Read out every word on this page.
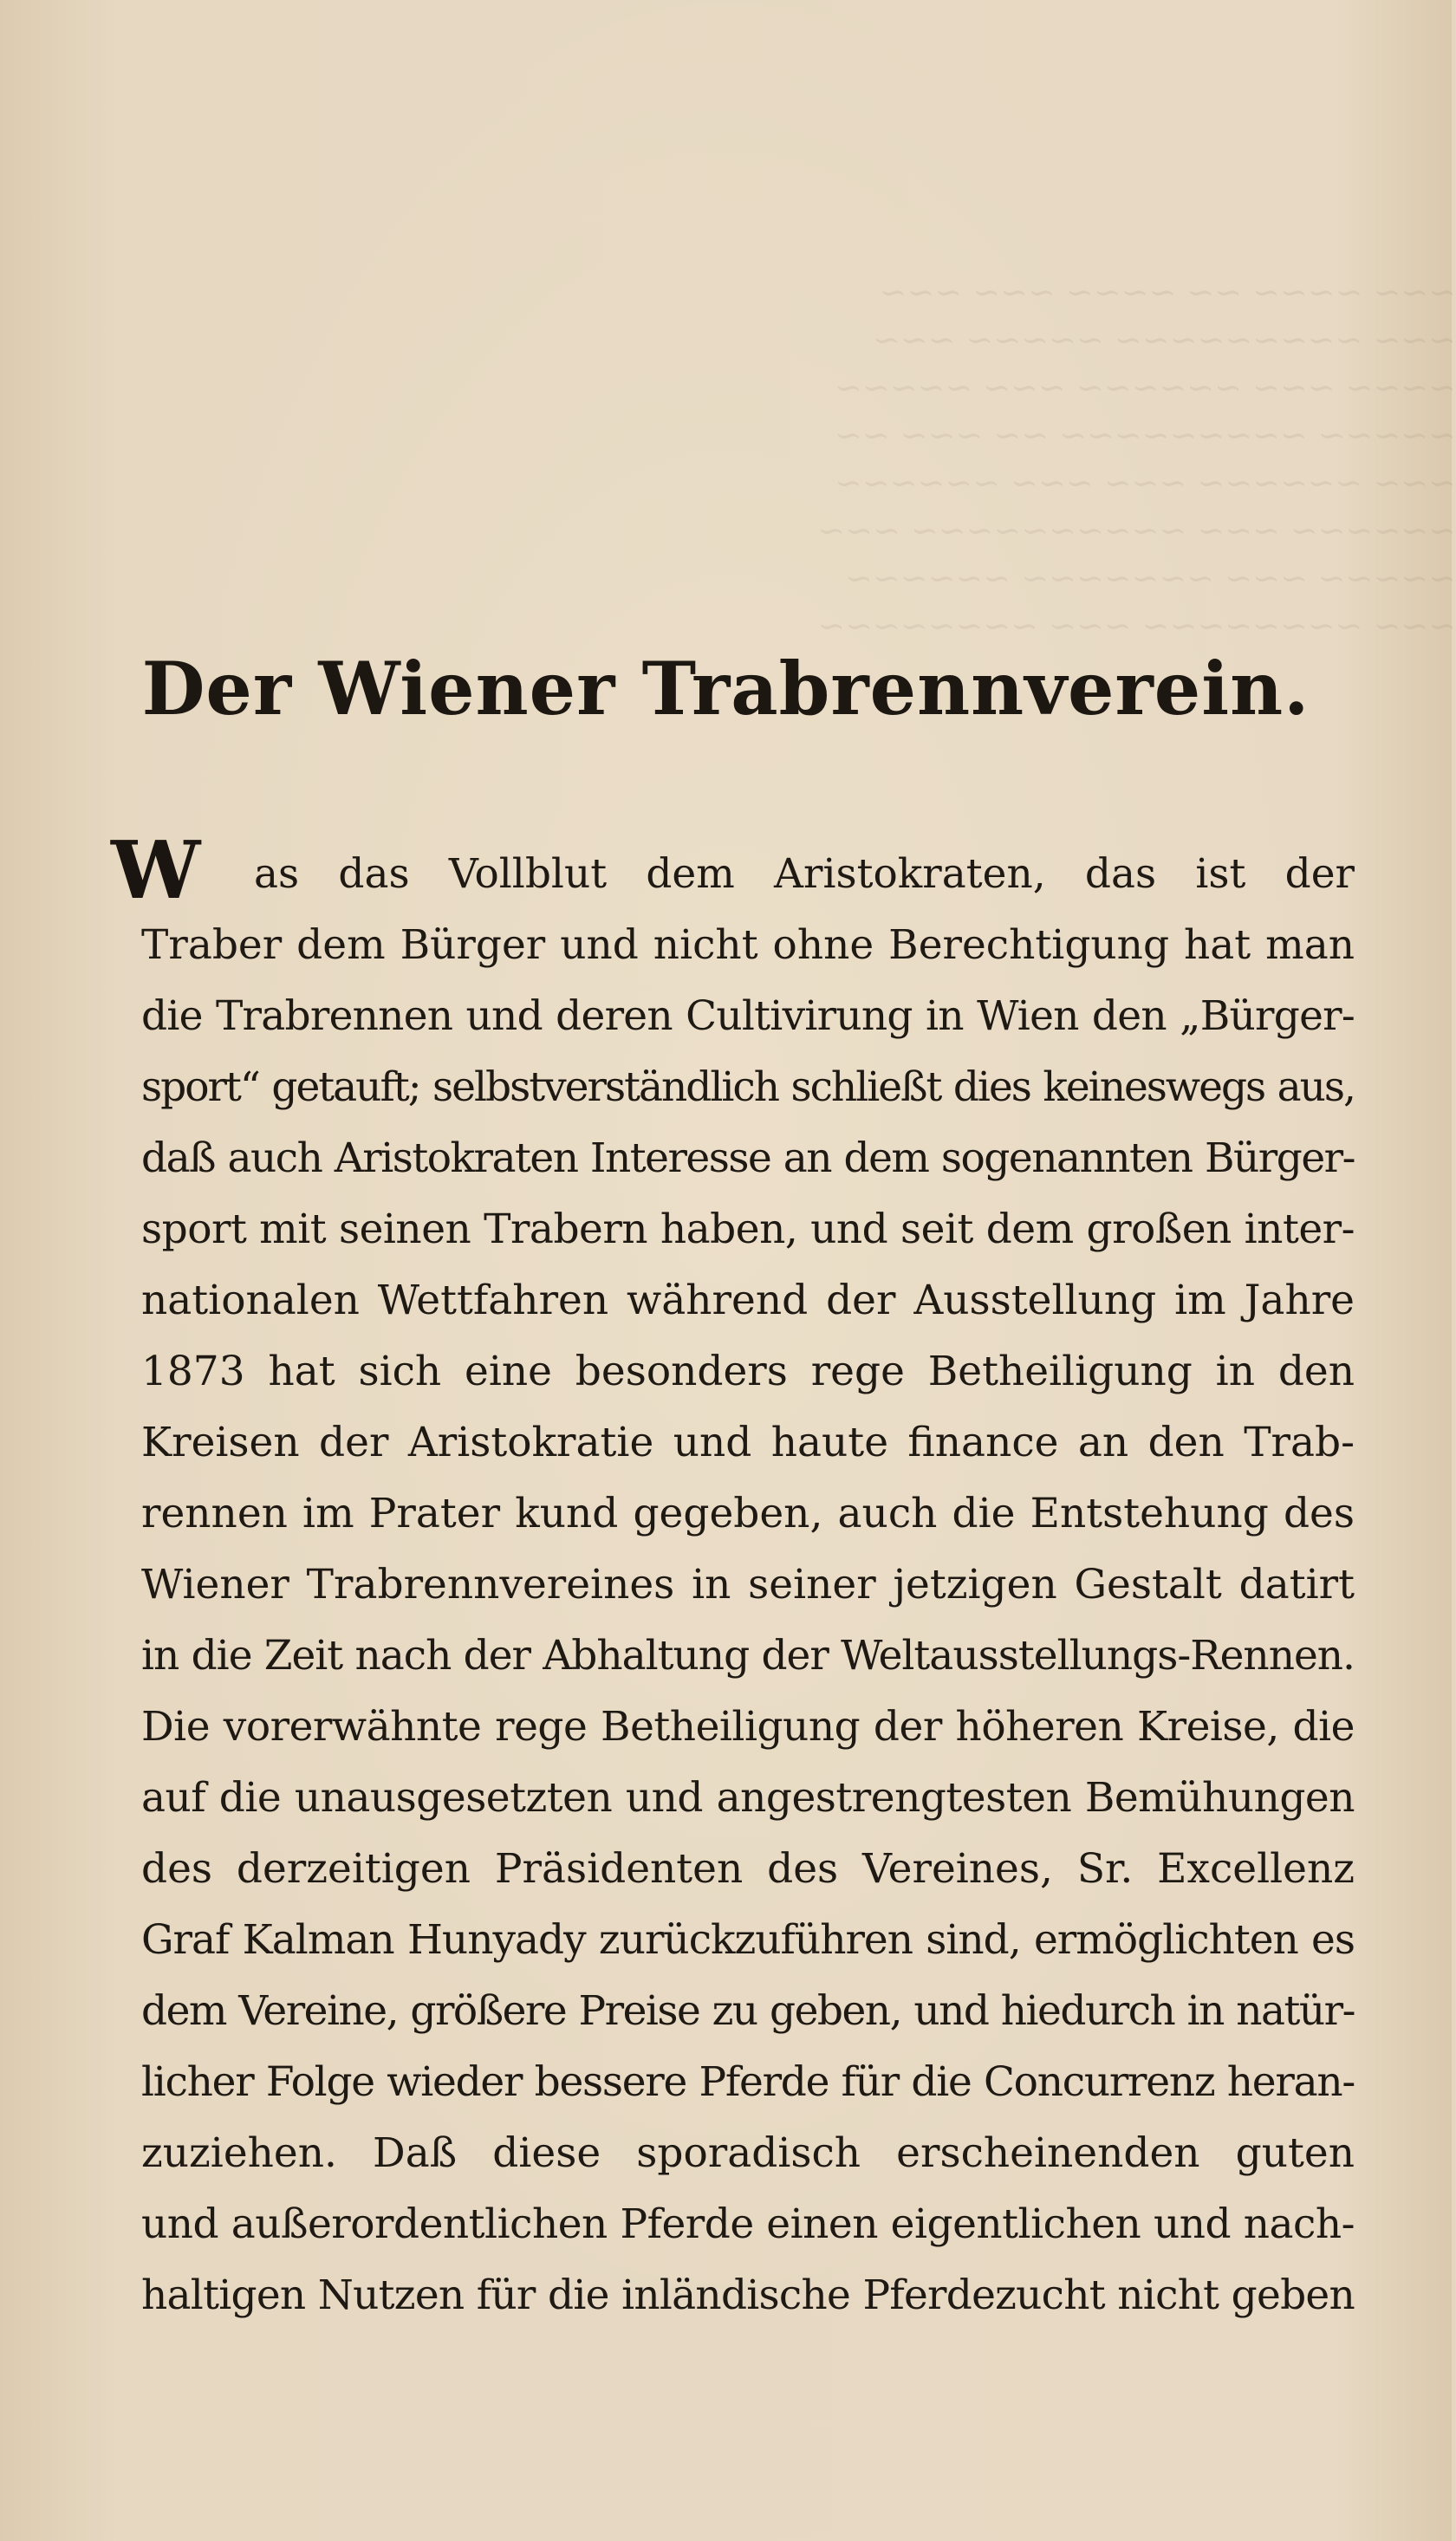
~~~ ~~~~ ~~ ~~~~ ~~~ ~~~
~~~ ~~~~~~~~~ ~~~~~ ~~~
~~~~ ~~~ ~~~~~~ ~~~ ~~~~~
~~~~~ ~~~~~~~~~ ~~ ~~~ ~~
~~~ ~~~~~~ ~~~ ~~~ ~~~~~~
~~~~~~ ~~~ ~~~~~~~~~~ ~~~
~~~~~ ~~~ ~~~~~~~ ~~~~~~
~~~ ~~~~~~~~ ~~~ ~~~~~~~~
Der Wiener Trabrennverein.
W	as das Vollblut dem Aristokraten, das ist der
Traber dem Bürger und nicht ohne Berechtigung hat man
die Trabrennen und deren Cultivirung in Wien den „Bürger-
sport“ getauft; selbstverständlich schließt dies keineswegs aus,
daß auch Aristokraten Interesse an dem sogenannten Bürger-
sport mit seinen Trabern haben, und seit dem großen inter-
nationalen Wettfahren während der Ausstellung im Jahre
1873 hat sich eine besonders rege Betheiligung in den
Kreisen der Aristokratie und haute finance an den Trab-
rennen im Prater kund gegeben, auch die Entstehung des
Wiener Trabrennvereines in seiner jetzigen Gestalt datirt
in die Zeit nach der Abhaltung der Weltausstellungs-Rennen.
Die vorerwähnte rege Betheiligung der höheren Kreise, die
auf die unausgesetzten und angestrengtesten Bemühungen
des derzeitigen Präsidenten des Vereines, Sr. Excellenz
Graf Kalman Hunyady zurückzuführen sind, ermöglichten es
dem Vereine, größere Preise zu geben, und hiedurch in natür-
licher Folge wieder bessere Pferde für die Concurrenz heran-
zuziehen. Daß diese sporadisch erscheinenden guten
und außerordentlichen Pferde einen eigentlichen und nach-
haltigen Nutzen für die inländische Pferdezucht nicht geben
